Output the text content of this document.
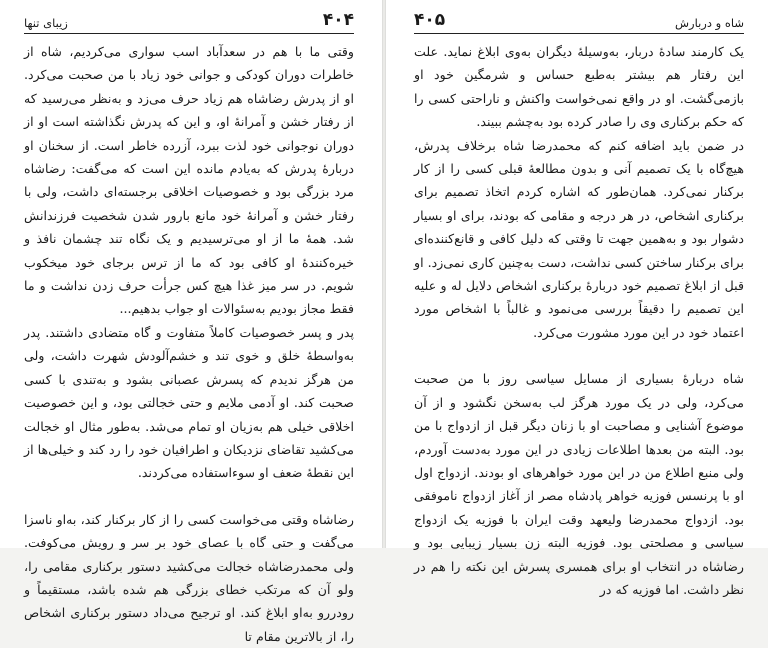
۴۰۴
زیبای تنها

وقتی ما با هم در سعدآباد اسب سواری می‌کردیم، شاه از خاطرات دوران کودکی و جوانی خود زیاد با من صحبت می‌کرد. او از پدرش رضاشاه هم زیاد حرف می‌زد و به‌نظر می‌رسید که از رفتار خشن و آمرانهٔ او، و این که پدرش نگذاشته است او از دوران نوجوانی خود لذت ببرد، آزرده خاطر است. از سخنان او دربارهٔ پدرش که به‌یادم مانده این است که می‌گفت: رضاشاه مرد بزرگی بود و خصوصیات اخلاقی برجسته‌ای داشت، ولی با رفتار خشن و آمرانهٔ خود مانع بارور شدن شخصیت فرزندانش شد. همهٔ ما از او می‌ترسیدیم و یک نگاه تند چشمان نافذ و خیره‌کنندهٔ او کافی بود که ما از ترس برجای خود میخکوب شویم. در سر میز غذا هیچ کس جرأت حرف زدن نداشت و ما فقط مجاز بودیم به‌سئوالات او جواب بدهیم...

پدر و پسر خصوصیات کاملاً متفاوت و گاه متضادی داشتند. پدر به‌واسطهٔ خلق و خوی تند و خشم‌آلودش شهرت داشت، ولی من هرگز ندیدم که پسرش عصبانی بشود و به‌تندی با کسی صحبت کند. او آدمی ملایم و حتی خجالتی بود، و این خصوصیت اخلاقی خیلی هم به‌زیان او تمام می‌شد. به‌طور مثال او خجالت می‌کشید تقاضای نزدیکان و اطرافیان خود را رد کند و خیلی‌ها از این نقطهٔ ضعف او سوءاستفاده می‌کردند.

رضاشاه وقتی می‌خواست کسی را از کار برکنار کند، به‌او ناسزا می‌گفت و حتی گاه با عصای خود بر سر و رویش می‌کوفت. ولی محمدرضاشاه خجالت می‌کشید دستور برکناری مقامی را، ولو آن که مرتکب خطای بزرگی هم شده باشد، مستقیماً و رودررو به‌او ابلاغ کند. او ترجیح می‌داد دستور برکناری اشخاص را، از بالاترین مقام تا

شاه و دربارش
۴۰۵

یک کارمند سادهٔ دربار، به‌وسیلهٔ دیگران به‌وی ابلاغ نماید. علت این رفتار هم بیشتر به‌طبع حساس و شرمگین خود او بازمی‌گشت. او در واقع نمی‌خواست واکنش و ناراحتی کسی را که حکم برکناری وی را صادر کرده بود به‌چشم ببیند.

در ضمن باید اضافه کنم که محمدرضا شاه برخلاف پدرش، هیچ‌گاه با یک تصمیم آنی و بدون مطالعهٔ قبلی کسی را از کار برکنار نمی‌کرد. همان‌طور که اشاره کردم اتخاذ تصمیم برای برکناری اشخاص، در هر درجه و مقامی که بودند، برای او بسیار دشوار بود و به‌همین جهت تا وقتی که دلیل کافی و قانع‌کننده‌ای برای برکنار ساختن کسی نداشت، دست به‌چنین کاری نمی‌زد. او قبل از ابلاغ تصمیم خود دربارهٔ برکناری اشخاص دلایل له و علیه این تصمیم را دقیقاً بررسی می‌نمود و غالباً با اشخاص مورد اعتماد خود در این مورد مشورت می‌کرد.

شاه دربارهٔ بسیاری از مسایل سیاسی روز با من صحبت می‌کرد، ولی در یک مورد هرگز لب به‌سخن نگشود و از آن موضوع آشنایی و مصاحبت او با زنان دیگر قبل از ازدواج با من بود. البته من بعدها اطلاعات زیادی در این مورد به‌دست آوردم، ولی منبع اطلاع من در این مورد خواهرهای او بودند. ازدواج اول او با پرنسس فوزیه خواهر پادشاه مصر از آغاز ازدواج ناموفقی بود. ازدواج محمدرضا ولیعهد وقت ایران با فوزیه یک ازدواج سیاسی و مصلحتی بود. فوزیه البته زن بسیار زیبایی بود و رضاشاه در انتخاب او برای همسری پسرش این نکته را هم در نظر داشت. اما فوزیه که در
